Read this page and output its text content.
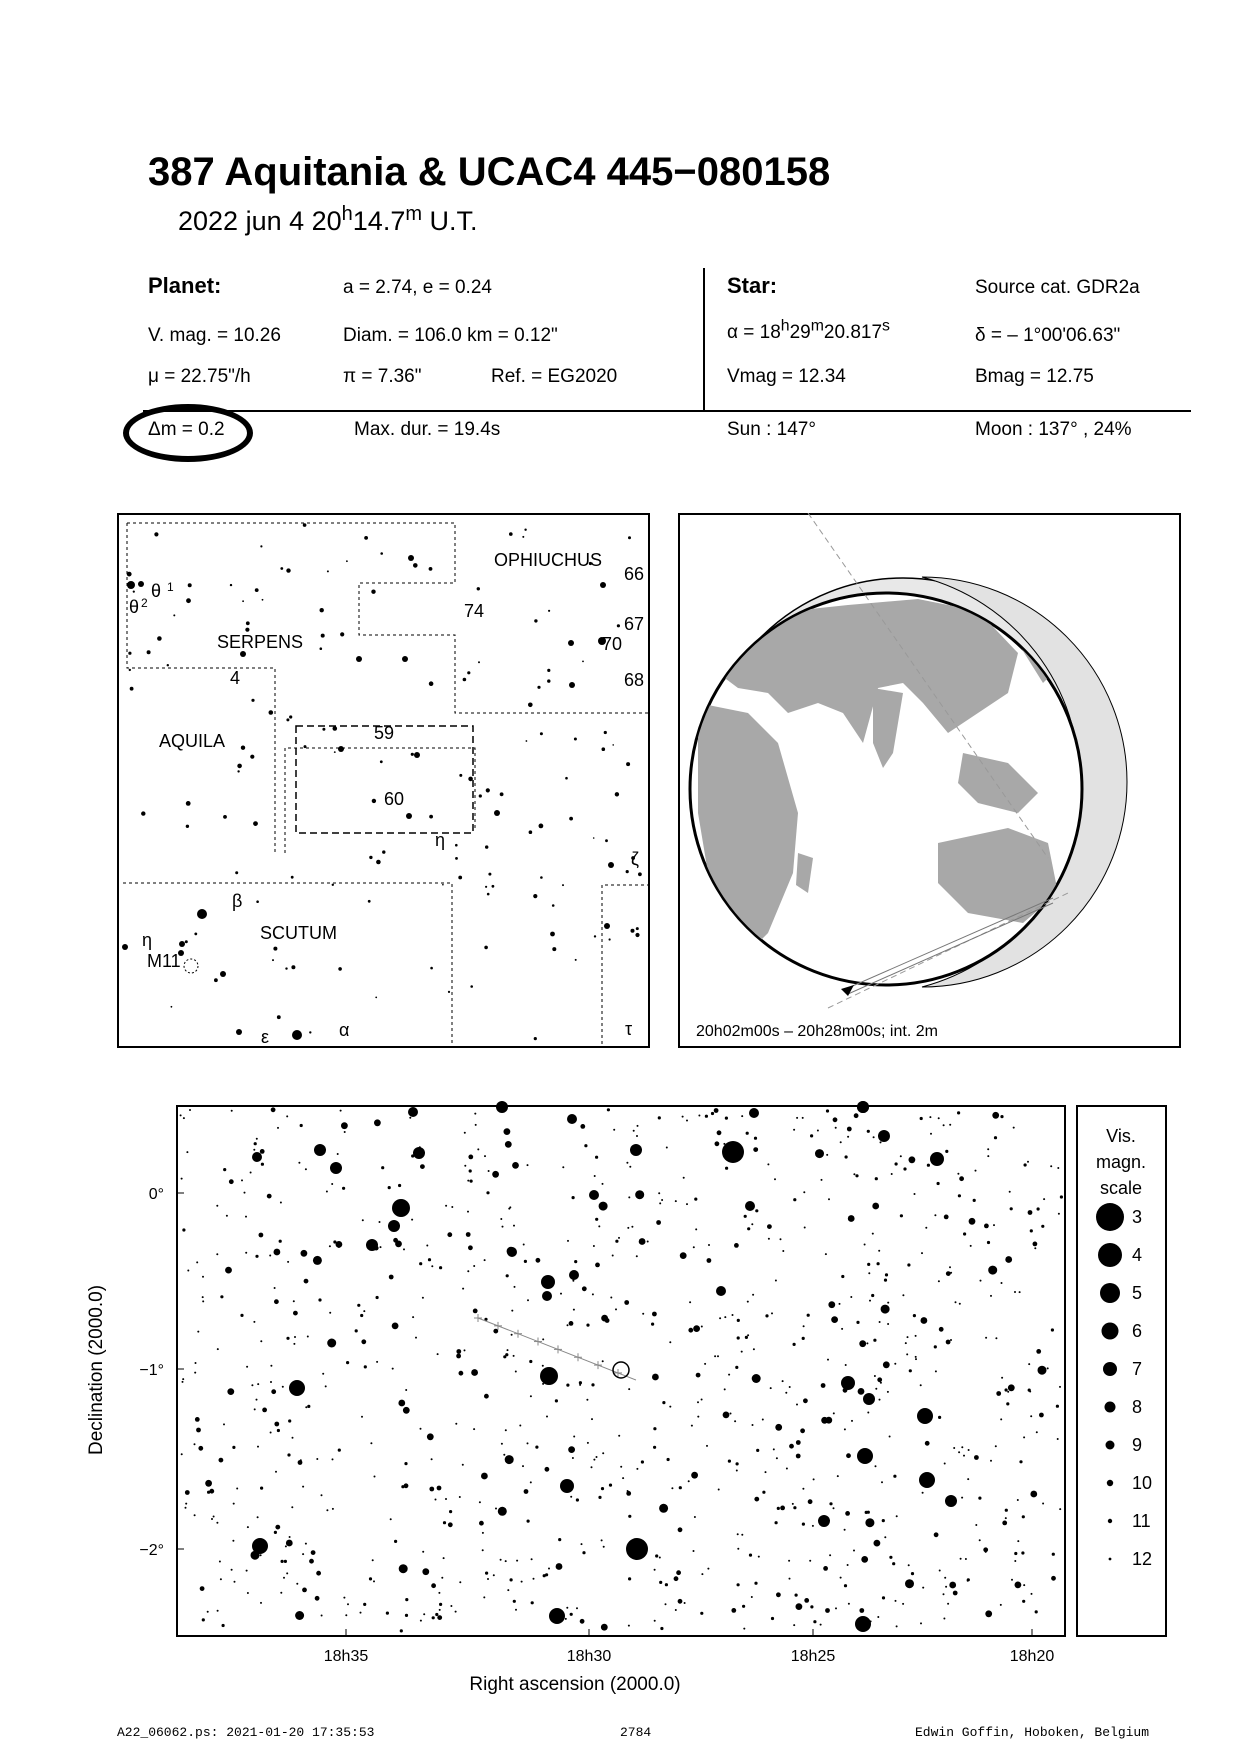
387 Aquitania & UCAC4 445−080158
2022 jun 4 20$^h$14.7$^m$ U.T.
Planet:	a = 2.74, e = 0.24
V. mag. = 10.26	Diam. = 106.0 km = 0.12"
μ = 22.75"/h	π = 7.36"	Ref. = EG2020
Δm = 0.2	Max. dur. = 19.4s
Star:	Source cat. GDR2a
$\alpha = 18^h29^m20.817^s$	δ = – 1°00'06.63"
Vmag = 12.34	Bmag = 12.75
Sun : 147°	Moon : 137° , 24%
OPHIUCHUS
SERPENS
AQUILA
SCUTUM
66
67
70
68
74
59
60
4
M11
θ 1
θ 2
η
η
ζ
β
ε	α	τ	20h02m00s – 20h28m00s; int. 2m
18h35	18h30	18h25	18h20
0°
−1°
−2°
Right ascension (2000.0)
Declination (2000.0)
Vis.
magn.
scale
3
4
5
6
7
8
9
10
11
12
A22_06062.ps: 2021-01-20 17:35:53	2784	Edwin Goffin, Hoboken, Belgium
